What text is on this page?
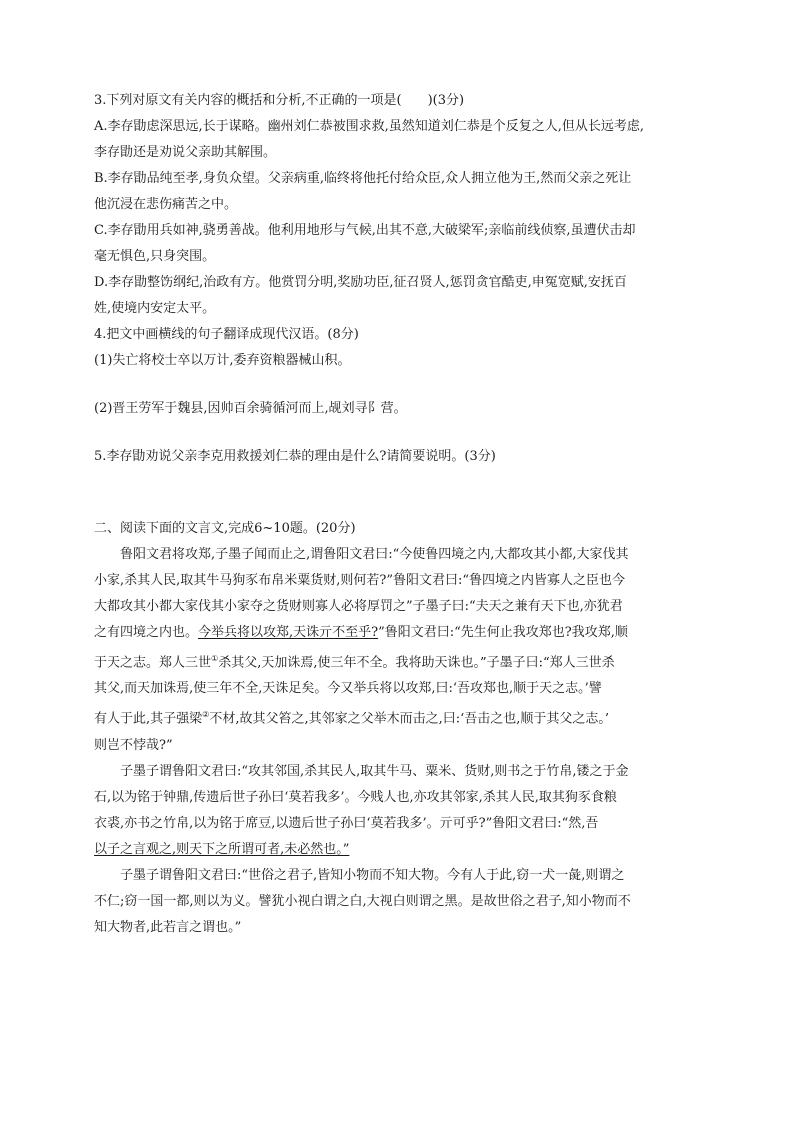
3.下列对原文有关内容的概括和分析,不正确的一项是(　　)(3分)
A.李存勖虑深思远,长于谋略。幽州刘仁恭被围求救,虽然知道刘仁恭是个反复之人,但从长远考虑,
李存勖还是劝说父亲助其解围。
B.李存勖品纯至孝,身负众望。父亲病重,临终将他托付给众臣,众人拥立他为王,然而父亲之死让
他沉浸在悲伤痛苦之中。
C.李存勖用兵如神,骁勇善战。他利用地形与气候,出其不意,大破梁军;亲临前线侦察,虽遭伏击却
毫无惧色,只身突围。
D.李存勖整饬纲纪,治政有方。他赏罚分明,奖励功臣,征召贤人,惩罚贪官酷吏,申冤宽赋,安抚百
姓,使境内安定太平。
4.把文中画横线的句子翻译成现代汉语。(8分)
(1)失亡将校士卒以万计,委弃资粮器械山积。
(2)晋王劳军于魏县,因帅百余骑循河而上,觇刘寻阝营。
5.李存勖劝说父亲李克用救援刘仁恭的理由是什么?请简要说明。(3分)
二、阅读下面的文言文,完成6~10题。(20分)
鲁阳文君将攻郑,子墨子闻而止之,谓鲁阳文君曰:“今使鲁四境之内,大都攻其小都,大家伐其
小家,杀其人民,取其牛马狗豕布帛米粟货财,则何若?”鲁阳文君曰:“鲁四境之内皆寡人之臣也今
大都攻其小都大家伐其小家夺之货财则寡人必将厚罚之”子墨子曰:“夫天之兼有天下也,亦犹君
之有四境之内也。今举兵将以攻郑,天诛亓不至乎?”鲁阳文君曰:“先生何止我攻郑也?我攻郑,顺
于天之志。郑人三世①杀其父,天加诛焉,使三年不全。我将助天诛也。”子墨子曰:“郑人三世杀
其父,而天加诛焉,使三年不全,天诛足矣。今又举兵将以攻郑,曰:‘吾攻郑也,顺于天之志。’譬
有人于此,其子强梁②不材,故其父笞之,其邻家之父举木而击之,曰:‘吾击之也,顺于其父之志。’
则岂不悖哉?”
子墨子谓鲁阳文君曰:“攻其邻国,杀其民人,取其牛马、粟米、货财,则书之于竹帛,镂之于金
石,以为铭于钟鼎,传遗后世子孙曰‘莫若我多’。今贱人也,亦攻其邻家,杀其人民,取其狗豕食粮
衣裘,亦书之竹帛,以为铭于席豆,以遗后世子孙曰‘莫若我多’。亓可乎?”鲁阳文君曰:“然,吾
以子之言观之,则天下之所谓可者,未必然也。”
子墨子谓鲁阳文君曰:“世俗之君子,皆知小物而不知大物。今有人于此,窃一犬一彘,则谓之
不仁;窃一国一都,则以为义。譬犹小视白谓之白,大视白则谓之黑。是故世俗之君子,知小物而不
知大物者,此若言之谓也。”
